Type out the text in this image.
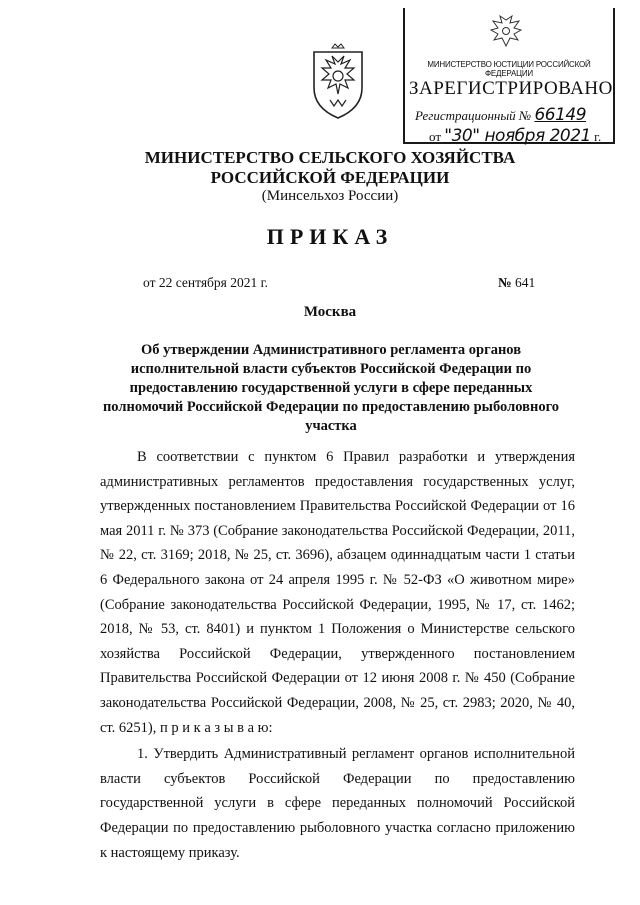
МИНИСТЕРСТВО ЮСТИЦИИ РОССИЙСКОЙ ФЕДЕРАЦИИ
ЗАРЕГИСТРИРОВАНО
Регистрационный № 66149
от "30" ноября 2021 г.
МИНИСТЕРСТВО СЕЛЬСКОГО ХОЗЯЙСТВА
РОССИЙСКОЙ ФЕДЕРАЦИИ
(Минсельхоз России)
ПРИКАЗ
от 22 сентября 2021 г.	№ 641
Москва
Об утверждении Административного регламента органов исполнительной власти субъектов Российской Федерации по предоставлению государственной услуги в сфере переданных полномочий Российской Федерации по предоставлению рыболовного участка

В соответствии с пунктом 6 Правил разработки и утверждения административных регламентов предоставления государственных услуг, утвержденных постановлением Правительства Российской Федерации от 16 мая 2011 г. № 373 (Собрание законодательства Российской Федерации, 2011, № 22, ст. 3169; 2018, № 25, ст. 3696), абзацем одиннадцатым части 1 статьи 6 Федерального закона от 24 апреля 1995 г. № 52-ФЗ «О животном мире» (Собрание законодательства Российской Федерации, 1995, № 17, ст. 1462; 2018, № 53, ст. 8401) и пунктом 1 Положения о Министерстве сельского хозяйства Российской Федерации, утвержденного постановлением Правительства Российской Федерации от 12 июня 2008 г. № 450 (Собрание законодательства Российской Федерации, 2008, № 25, ст. 2983; 2020, № 40, ст. 6251), п р и к а з ы в а ю:

1. Утвердить Административный регламент органов исполнительной власти субъектов Российской Федерации по предоставлению государственной услуги в сфере переданных полномочий Российской Федерации по предоставлению рыболовного участка согласно приложению к настоящему приказу.
